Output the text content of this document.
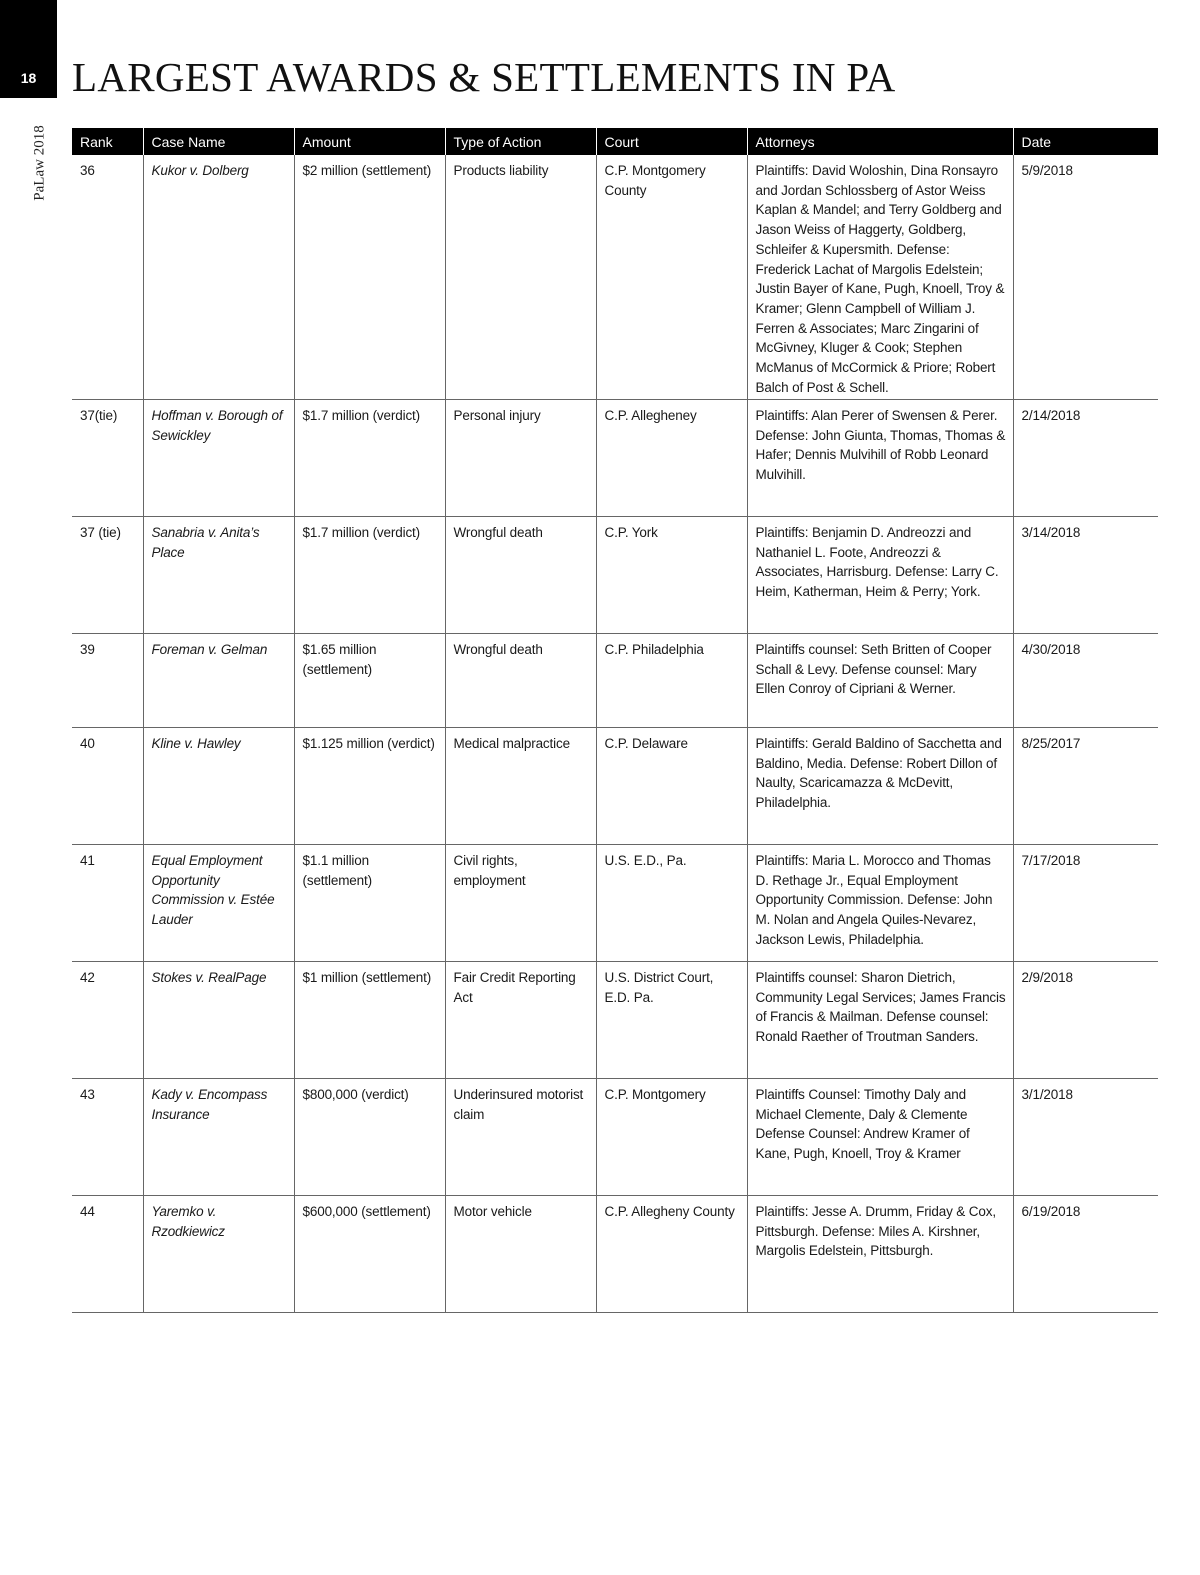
18
PaLaw 2018
LARGEST AWARDS & SETTLEMENTS IN PA
Rank	Case Name	Amount	Type of Action	Court	Attorneys	Date
36	Kukor v. Dolberg	$2 million (settlement)	Products liability	C.P. Montgomery County	Plaintiffs: David Woloshin, Dina Ronsayro and Jordan Schlossberg of Astor Weiss Kaplan & Mandel; and Terry Goldberg and Jason Weiss of Haggerty, Goldberg, Schleifer & Kupersmith. Defense: Frederick Lachat of Margolis Edelstein; Justin Bayer of Kane, Pugh, Knoell, Troy & Kramer; Glenn Campbell of William J. Ferren & Associates; Marc Zingarini of McGivney, Kluger & Cook; Stephen McManus of McCormick & Priore; Robert Balch of Post & Schell.	5/9/2018
37(tie)	Hoffman v. Borough of Sewickley	$1.7 million (verdict)	Personal injury	C.P. Allegheney	Plaintiffs: Alan Perer of Swensen & Perer. Defense: John Giunta, Thomas, Thomas & Hafer; Dennis Mulvihill of Robb Leonard Mulvihill.	2/14/2018
37 (tie)	Sanabria v. Anita’s Place	$1.7 million (verdict)	Wrongful death	C.P. York	Plaintiffs: Benjamin D. Andreozzi and Nathaniel L. Foote, Andreozzi & Associates, Harrisburg. Defense: Larry C. Heim, Katherman, Heim & Perry; York.	3/14/2018
39	Foreman v. Gelman	$1.65 million (settlement)	Wrongful death	C.P. Philadelphia	Plaintiffs counsel: Seth Britten of Cooper Schall & Levy. Defense counsel: Mary Ellen Conroy of Cipriani & Werner.	4/30/2018
40	Kline v. Hawley	$1.125 million (verdict)	Medical malpractice	C.P. Delaware	Plaintiffs: Gerald Baldino of Sacchetta and Baldino, Media. Defense: Robert Dillon of Naulty, Scaricamazza & McDevitt, Philadelphia.	8/25/2017
41	Equal Employment Opportunity Commission v. Estée Lauder	$1.1 million (settlement)	Civil rights, employment	U.S. E.D., Pa.	Plaintiffs: Maria L. Morocco and Thomas D. Rethage Jr., Equal Employment Opportunity Commission. Defense: John M. Nolan and Angela Quiles-Nevarez, Jackson Lewis, Philadelphia.	7/17/2018
42	Stokes v. RealPage	$1 million (settlement)	Fair Credit Reporting Act	U.S. District Court, E.D. Pa.	Plaintiffs counsel: Sharon Dietrich, Community Legal Services; James Francis of Francis & Mailman. Defense counsel: Ronald Raether of Troutman Sanders.	2/9/2018
43	Kady v. Encompass Insurance	$800,000 (verdict)	Underinsured motorist claim	C.P. Montgomery	Plaintiffs Counsel: Timothy Daly and Michael Clemente, Daly & Clemente Defense Counsel: Andrew Kramer of Kane, Pugh, Knoell, Troy & Kramer	3/1/2018
44	Yaremko v. Rzodkiewicz	$600,000 (settlement)	Motor vehicle	C.P. Allegheny County	Plaintiffs: Jesse A. Drumm, Friday & Cox, Pittsburgh. Defense: Miles A. Kirshner, Margolis Edelstein, Pittsburgh.	6/19/2018
